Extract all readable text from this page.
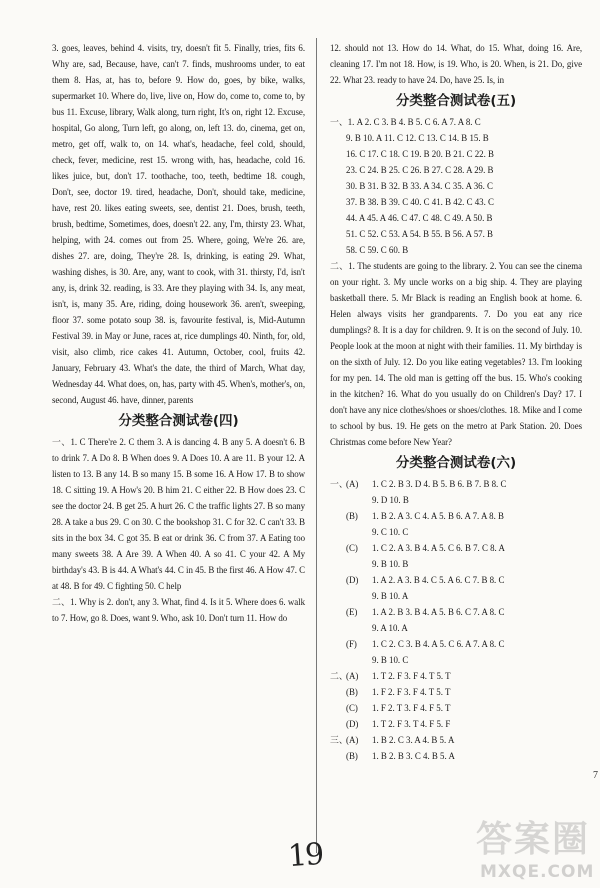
3. goes, leaves, behind 4. visits, try, doesn't fit 5. Finally, tries, fits 6. Why are, sad, Because, have, can't 7. finds, mushrooms under, to eat them 8. Has, at, has to, before 9. How do, goes, by bike, walks, supermarket 10. Where do, live, live on, How do, come to, come to, by bus 11. Excuse, library, Walk along, turn right, It's on, right 12. Excuse, hospital, Go along, Turn left, go along, on, left 13. do, cinema, get on, metro, get off, walk to, on 14. what's, headache, feel cold, should, check, fever, medicine, rest 15. wrong with, has, headache, cold 16. likes juice, but, don't 17. toothache, too, teeth, bedtime 18. cough, Don't, see, doctor 19. tired, headache, Don't, should take, medicine, have, rest 20. likes eating sweets, see, dentist 21. Does, brush, teeth, brush, bedtime, Sometimes, does, doesn't 22. any, I'm, thirsty 23. What, helping, with 24. comes out from 25. Where, going, We're 26. are, dishes 27. are, doing, They're 28. Is, drinking, is eating 29. What, washing dishes, is 30. Are, any, want to cook, with 31. thirsty, I'd, isn't any, is, drink 32. reading, is 33. Are they playing with 34. Is, any meat, isn't, is, many 35. Are, riding, doing housework 36. aren't, sweeping, floor 37. some potato soup 38. is, favourite festival, is, Mid-Autumn Festival 39. in May or June, races at, rice dumplings 40. Ninth, for, old, visit, also climb, rice cakes 41. Autumn, October, cool, fruits 42. January, February 43. What's the date, the third of March, What day, Wednesday 44. What does, on, has, party with 45. When's, mother's, on, second, August 46. have, dinner, parents

分类整合测试卷(四)

一、1. C There're 2. C them 3. A is dancing 4. B any 5. A doesn't 6. B to drink 7. A Do 8. B When does 9. A Does 10. A are 11. B your 12. A listen to 13. B any 14. B so many 15. B some 16. A How 17. B to show 18. C sitting 19. A How's 20. B him 21. C either 22. B How does 23. C see the doctor 24. B get 25. A hurt 26. C the traffic lights 27. B so many 28. A take a bus 29. C on 30. C the bookshop 31. C for 32. C can't 33. B sits in the box 34. C got 35. B eat or drink 36. C from 37. A Eating too many sweets 38. A Are 39. A When 40. A so 41. C your 42. A My birthday's 43. B is 44. A What's 44. C in 45. B the first 46. A How 47. C at 48. B for 49. C fighting 50. C help

二、1. Why is 2. don't, any 3. What, find 4. Is it 5. Where does 6. walk to 7. How, go 8. Does, want 9. Who, ask 10. Don't turn 11. How do

12. should not 13. How do 14. What, do 15. What, doing 16. Are, cleaning 17. I'm not 18. How, is 19. Who, is 20. When, is 21. Do, give 22. What 23. ready to have 24. Do, have 25. Is, in

分类整合测试卷(五)
一、1. A 2. C 3. B 4. B 5. C 6. A 7. A 8. C
9. B 10. A 11. C 12. C 13. C 14. B 15. B
16. C 17. C 18. C 19. B 20. B 21. C 22. B
23. C 24. B 25. C 26. B 27. C 28. A 29. B
30. B 31. B 32. B 33. A 34. C 35. A 36. C
37. B 38. B 39. C 40. C 41. B 42. C 43. C
44. A 45. A 46. C 47. C 48. C 49. A 50. B
51. C 52. C 53. A 54. B 55. B 56. A 57. B
58. C 59. C 60. B

二、1. The students are going to the library. 2. You can see the cinema on your right. 3. My uncle works on a big ship. 4. They are playing basketball there. 5. Mr Black is reading an English book at home. 6. Helen always visits her grandparents. 7. Do you eat any rice dumplings? 8. It is a day for children. 9. It is on the second of July. 10. People look at the moon at night with their families. 11. My birthday is on the sixth of July. 12. Do you like eating vegetables? 13. I'm looking for my pen. 14. The old man is getting off the bus. 15. Who's cooking in the kitchen? 16. What do you usually do on Children's Day? 17. I don't have any nice clothes/shoes or shoes/clothes. 18. Mike and I come to school by bus. 19. He gets on the metro at Park Station. 20. Does Christmas come before New Year?

分类整合测试卷(六)
一、
(A)	1. C 2. B 3. D 4. B 5. B 6. B 7. B 8. C
9. D 10. B
(B)	1. B 2. A 3. C 4. A 5. B 6. A 7. A 8. B
9. C 10. C
(C)	1. C 2. A 3. B 4. A 5. C 6. B 7. C 8. A
9. B 10. B
(D)	1. A 2. A 3. B 4. C 5. A 6. C 7. B 8. C
9. B 10. A
(E)	1. A 2. B 3. B 4. A 5. B 6. C 7. A 8. C
9. A 10. A
(F)	1. C 2. C 3. B 4. A 5. C 6. A 7. A 8. C
9. B 10. C
二、
(A)	1. T 2. F 3. F 4. T 5. T
(B)	1. F 2. F 3. F 4. T 5. T
(C)	1. F 2. T 3. F 4. F 5. T
(D)	1. T 2. F 3. T 4. F 5. F
三、
(A)	1. B 2. C 3. A 4. B 5. A
(B)	1. B 2. B 3. C 4. B 5. A
19
7
答案圈
MXQE.COM
